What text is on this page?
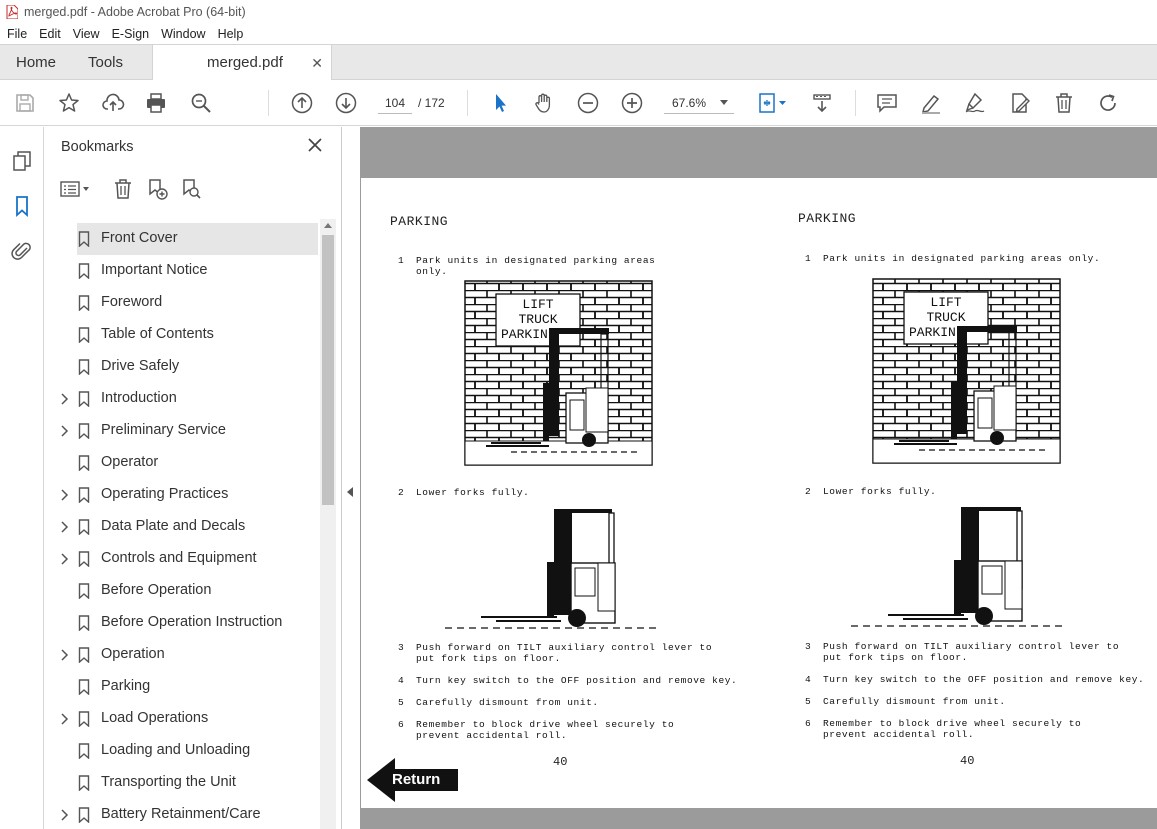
merged.pdf - Adobe Acrobat Pro (64-bit)
File Edit View E-Sign Window Help
Home Tools	merged.pdf ✕
104
/ 172	67.6%
Bookmarks
Front Cover
Important Notice
Foreword
Table of Contents
Drive Safely
Introduction
Preliminary Service
Operator
Operating Practices
Data Plate and Decals
Controls and Equipment
Before Operation
Before Operation Instruction
Operation
Parking
Load Operations
Loading and Unloading
Transporting the Unit
Battery Retainment/Care
LIFT
TRUCK
PARKIN
LIFT
TRUCK
PARKIN
PARKING
1 Park units in designated parking areas only.
2 Lower forks fully.
3 Push forward on TILT auxiliary control lever to put fork tips on floor.
4 Turn key switch to the OFF position and remove key.
5 Carefully dismount from unit.
6 Remember to block drive wheel securely to prevent accidental roll.
40
PARKING
1 Park units in designated parking areas only.
2 Lower forks fully.
3 Push forward on TILT auxiliary control lever to put fork tips on floor.
4 Turn key switch to the OFF position and remove key.
5 Carefully dismount from unit.
6 Remember to block drive wheel securely to prevent accidental roll.
40
Return
